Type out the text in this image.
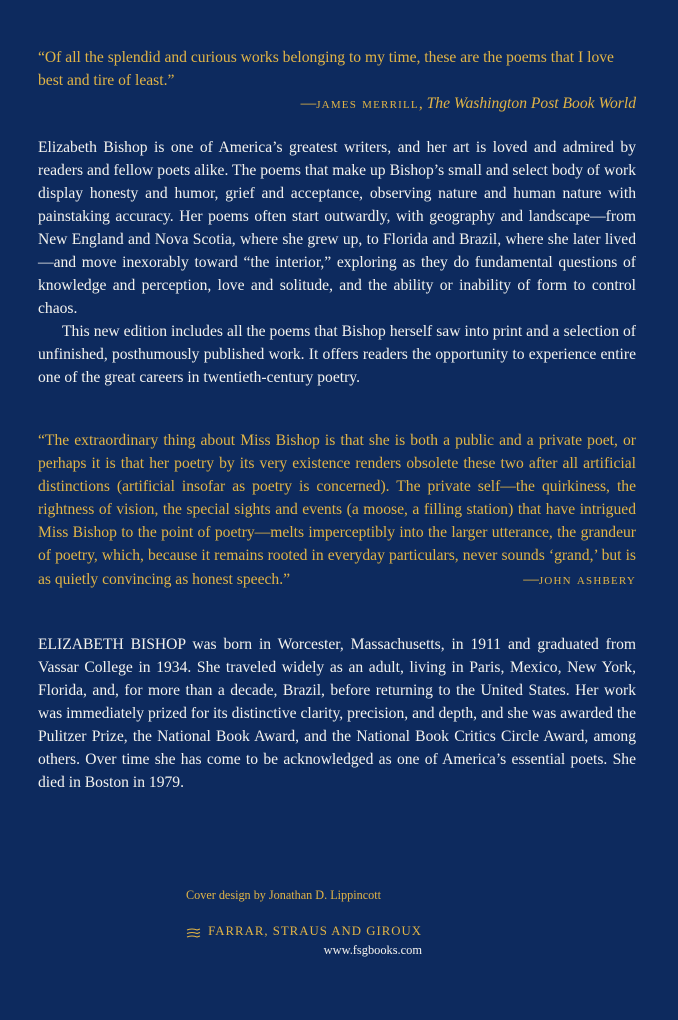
“Of all the splendid and curious works belonging to my time, these are the poems that I love best and tire of least.”

—james merrill, The Washington Post Book World

Elizabeth Bishop is one of America’s greatest writers, and her art is loved and admired by readers and fellow poets alike. The poems that make up Bishop’s small and select body of work display honesty and humor, grief and acceptance, observing nature and human nature with painstaking accuracy. Her poems often start outwardly, with geography and landscape—from New England and Nova Scotia, where she grew up, to Florida and Brazil, where she later lived—and move inexorably toward “the interior,” exploring as they do fundamental questions of knowledge and perception, love and solitude, and the ability or inability of form to control chaos.

This new edition includes all the poems that Bishop herself saw into print and a selection of unfinished, posthumously published work. It offers readers the opportunity to experience entire one of the great careers in twentieth-century poetry.

“The extraordinary thing about Miss Bishop is that she is both a public and a private poet, or perhaps it is that her poetry by its very existence renders obsolete these two after all artificial distinctions (artificial insofar as poetry is concerned). The private self—the quirkiness, the rightness of vision, the special sights and events (a moose, a filling station) that have intrigued Miss Bishop to the point of poetry—melts imperceptibly into the larger utterance, the grandeur of poetry, which, because it remains rooted in everyday particulars, never sounds ‘grand,’ but is as quietly convincing as honest speech.”	—john ashbery

ELIZABETH BISHOP was born in Worcester, Massachusetts, in 1911 and graduated from Vassar College in 1934. She traveled widely as an adult, living in Paris, Mexico, New York, Florida, and, for more than a decade, Brazil, before returning to the United States. Her work was immediately prized for its distinctive clarity, precision, and depth, and she was awarded the Pulitzer Prize, the National Book Award, and the National Book Critics Circle Award, among others. Over time she has come to be acknowledged as one of America’s essential poets. She died in Boston in 1979.

Cover design by Jonathan D. Lippincott

FARRAR, STRAUS AND GIROUX

www.fsgbooks.com
